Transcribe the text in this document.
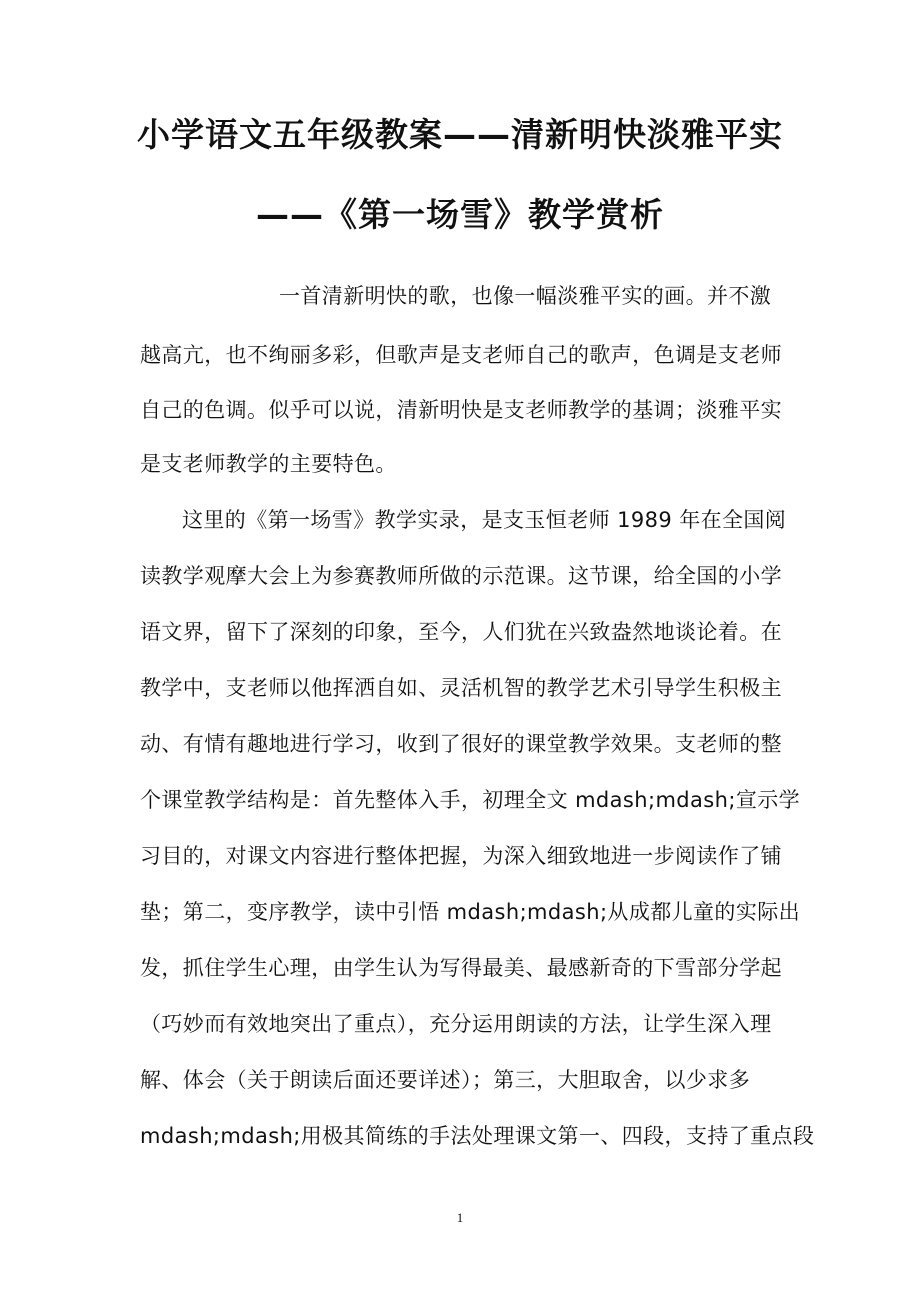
小学语文五年级教案——清新明快淡雅平实
——《第一场雪》教学赏析
一首清新明快的歌，也像一幅淡雅平实的画。并不激
越高亢，也不绚丽多彩，但歌声是支老师自己的歌声，色调是支老师
自己的色调。似乎可以说，清新明快是支老师教学的基调；淡雅平实
是支老师教学的主要特色。
这里的《第一场雪》教学实录，是支玉恒老师 1989 年在全国阅
读教学观摩大会上为参赛教师所做的示范课。这节课，给全国的小学
语文界，留下了深刻的印象，至今，人们犹在兴致盎然地谈论着。在
教学中，支老师以他挥洒自如、灵活机智的教学艺术引导学生积极主
动、有情有趣地进行学习，收到了很好的课堂教学效果。支老师的整
个课堂教学结构是：首先整体入手，初理全文 mdash;mdash;宣示学
习目的，对课文内容进行整体把握，为深入细致地进一步阅读作了铺
垫；第二，变序教学，读中引悟 mdash;mdash;从成都儿童的实际出
发，抓住学生心理，由学生认为写得最美、最感新奇的下雪部分学起
（巧妙而有效地突出了重点），充分运用朗读的方法，让学生深入理
解、体会（关于朗读后面还要详述）；第三，大胆取舍，以少求多
mdash;mdash;用极其简练的手法处理课文第一、四段，支持了重点段
1
